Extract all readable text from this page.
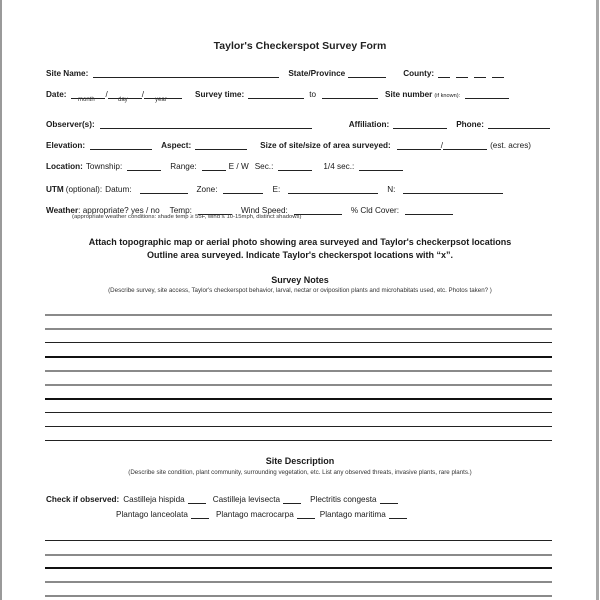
Taylor's Checkerspot Survey Form
Site Name:	State/Province	County:
Date:	/	/	Survey time:	to	Site number (if known):
month	day	year
Observer(s):	Affiliation:	Phone:
Elevation:	Aspect:	Size of site/size of area surveyed:	/	(est. acres)
Location: Township:	Range:	E / W Sec.:	1/4 sec.:
UTM (optional): Datum:	Zone:	E:	N:
Weather : appropriate? yes / no Temp:	Wind Speed:	% Cld Cover:
(appropriate weather conditions: shade temp ≥ 55F, wind ≤ 10-15mph, distinct shadows)
Attach topographic map or aerial photo showing area surveyed and Taylor's checkerpsot locations
Outline area surveyed. Indicate Taylor's checkerspot locations with “x”.
Survey Notes
(Describe survey, site access, Taylor's checkerspot behavior, larval, nectar or oviposition plants and microhabitats used, etc. Photos taken? )
Site Description
(Describe site condition, plant community, surrounding vegetation, etc. List any observed threats, invasive plants, rare plants.)
Check if observed: Castilleja hispida	Castilleja levisecta	Plectritis congesta
Plantago lanceolata	Plantago macrocarpa	Plantago maritima
